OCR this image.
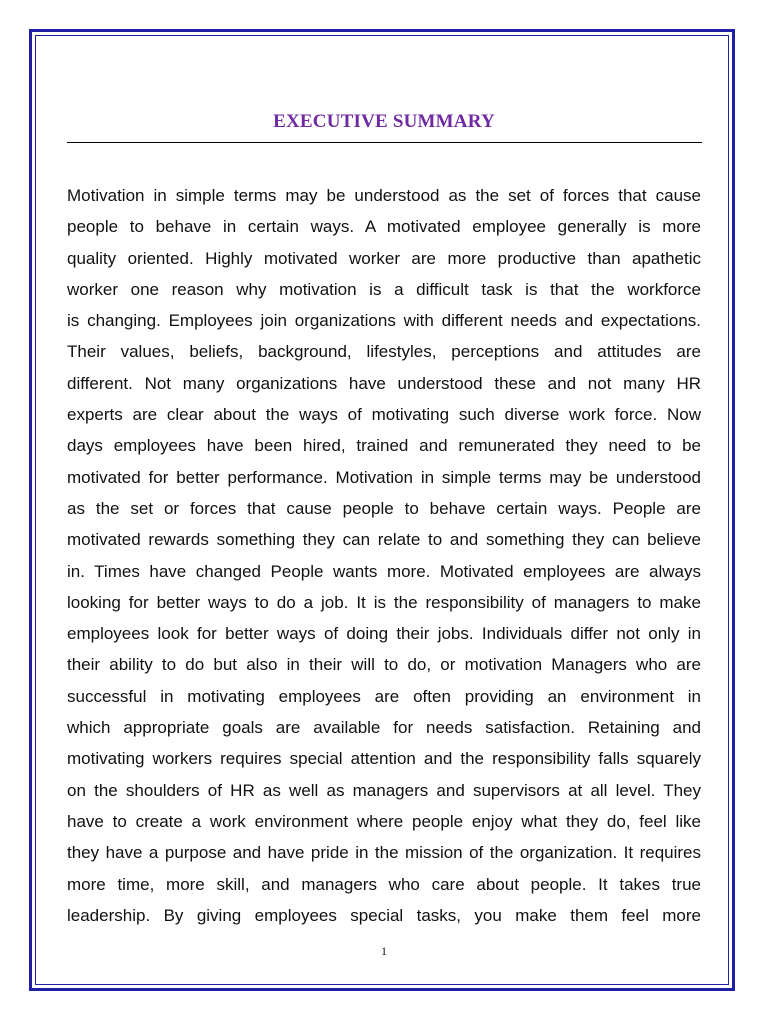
EXECUTIVE SUMMARY
Motivation in simple terms may be understood as the set of forces that cause
people to behave in certain ways. A motivated employee generally is more
quality oriented. Highly motivated worker are more productive than apathetic
worker one reason why motivation is a difficult task is that the workforce
is changing. Employees join organizations with different needs and expectations.
Their values, beliefs, background, lifestyles, perceptions and attitudes are
different. Not many organizations have understood these and not many HR
experts are clear about the ways of motivating such diverse work force. Now
days employees have been hired, trained and remunerated they need to be
motivated for better performance. Motivation in simple terms may be understood
as the set or forces that cause people to behave certain ways. People are
motivated rewards something they can relate to and something they can believe
in. Times have changed People wants more. Motivated employees are always
looking for better ways to do a job. It is the responsibility of managers to make
employees look for better ways of doing their jobs. Individuals differ not only in
their ability to do but also in their will to do, or motivation Managers who are
successful in motivating employees are often providing an environment in
which appropriate goals are available for needs satisfaction. Retaining and
motivating workers requires special attention and the responsibility falls squarely
on the shoulders of HR as well as managers and supervisors at all level. They
have to create a work environment where people enjoy what they do, feel like
they have a purpose and have pride in the mission of the organization. It requires
more time, more skill, and managers who care about people. It takes true
leadership. By giving employees special tasks, you make them feel more
1
